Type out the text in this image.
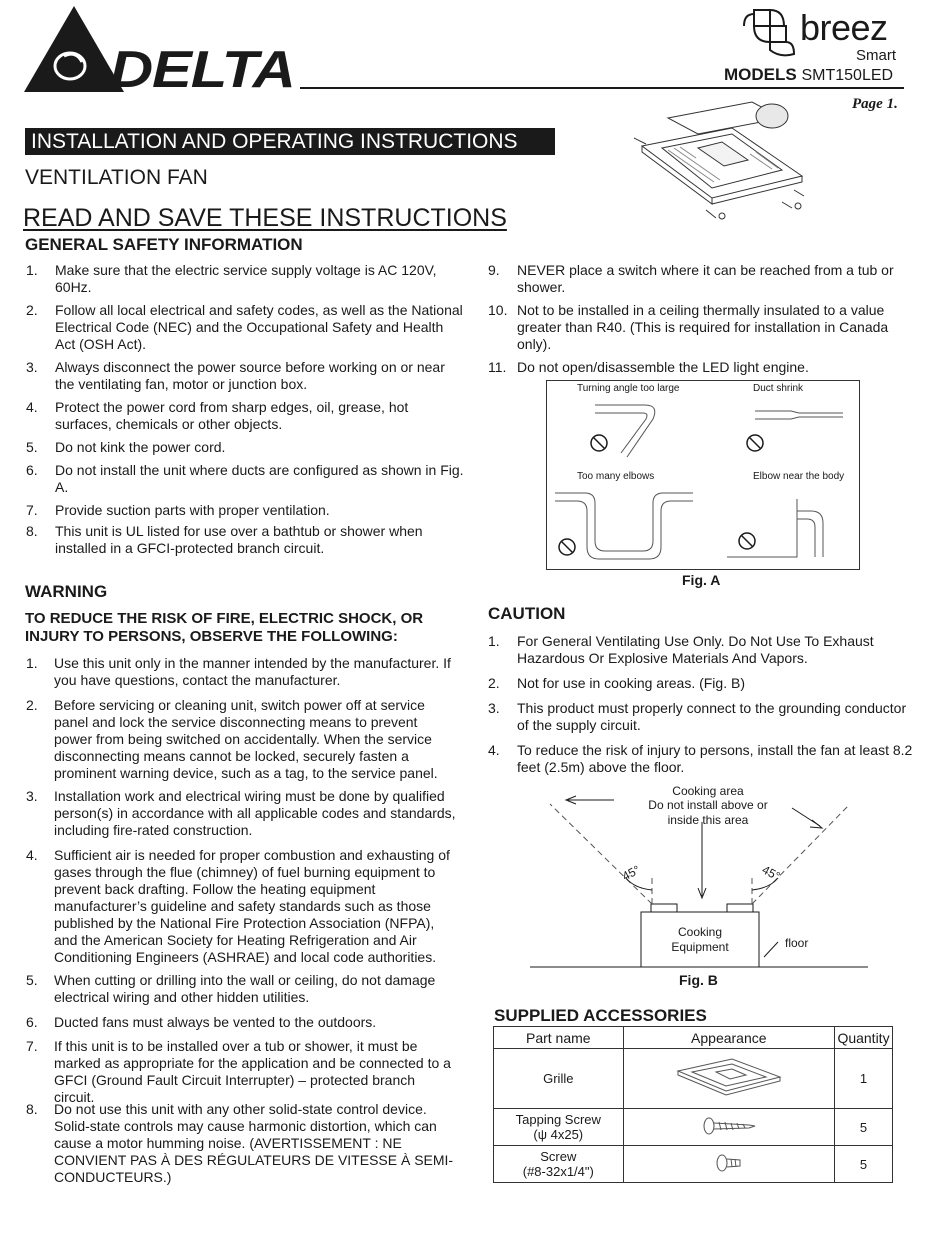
DELTA
breez
Smart
MODELS SMT150LED
Page 1.
INSTALLATION AND OPERATING INSTRUCTIONS
VENTILATION FAN
READ AND SAVE THESE INSTRUCTIONS
GENERAL SAFETY INFORMATION
1. Make sure that the electric service supply voltage is AC 120V, 60Hz.
2. Follow all local electrical and safety codes, as well as the National Electrical Code (NEC) and the Occupational Safety and Health Act (OSH Act).
3. Always disconnect the power source before working on or near the ventilating fan, motor or junction box.
4. Protect the power cord from sharp edges, oil, grease, hot surfaces, chemicals or other objects.
5. Do not kink the power cord.
6. Do not install the unit where ducts are configured as shown in Fig. A.
7. Provide suction parts with proper ventilation.
8. This unit is UL listed for use over a bathtub or shower when installed in a GFCI-protected branch circuit.
9. NEVER place a switch where it can be reached from a tub or shower.
10. Not to be installed in a ceiling thermally insulated to a value greater than R40. (This is required for installation in Canada only).
11. Do not open/disassemble the LED light engine.
Turning angle too large	Duct shrink
Too many elbows	Elbow near the body
Fig. A
WARNING
TO REDUCE THE RISK OF FIRE, ELECTRIC SHOCK, OR INJURY TO PERSONS, OBSERVE THE FOLLOWING:
1. Use this unit only in the manner intended by the manufacturer. If you have questions, contact the manufacturer.
2. Before servicing or cleaning unit, switch power off at service panel and lock the service disconnecting means to prevent power from being switched on accidentally. When the service disconnecting means cannot be locked, securely fasten a prominent warning device, such as a tag, to the service panel.
3. Installation work and electrical wiring must be done by qualified person(s) in accordance with all applicable codes and standards, including fire-rated construction.
4. Sufficient air is needed for proper combustion and exhausting of gases through the flue (chimney) of fuel burning equipment to prevent back drafting. Follow the heating equipment manufacturer’s guideline and safety standards such as those published by the National Fire Protection Association (NFPA), and the American Society for Heating Refrigeration and Air Conditioning Engineers (ASHRAE) and local code authorities.
5. When cutting or drilling into the wall or ceiling, do not damage electrical wiring and other hidden utilities.
6. Ducted fans must always be vented to the outdoors.
7. If this unit is to be installed over a tub or shower, it must be marked as appropriate for the application and be connected to a GFCI (Ground Fault Circuit Interrupter) – protected branch circuit.
8. Do not use this unit with any other solid-state control device. Solid-state controls may cause harmonic distortion, which can cause a motor humming noise. (AVERTISSEMENT : NE CONVIENT PAS À DES RÉGULATEURS DE VITESSE À SEMI-CONDUCTEURS.)
CAUTION
1. For General Ventilating Use Only. Do Not Use To Exhaust Hazardous Or Explosive Materials And Vapors.
2. Not for use in cooking areas. (Fig. B)
3. This product must properly connect to the grounding conductor of the supply circuit.
4. To reduce the risk of injury to persons, install the fan at least 8.2 feet (2.5m) above the floor.
Cooking area
Do not install above or
inside this area
45°	45°
Cooking
Equipment	floor
Fig. B
SUPPLIED ACCESSORIES
Part name	Appearance	Quantity
Grille		1

Tapping Screw
(ψ 4x25)		5

Screw
(#8-32x1/4")		5
